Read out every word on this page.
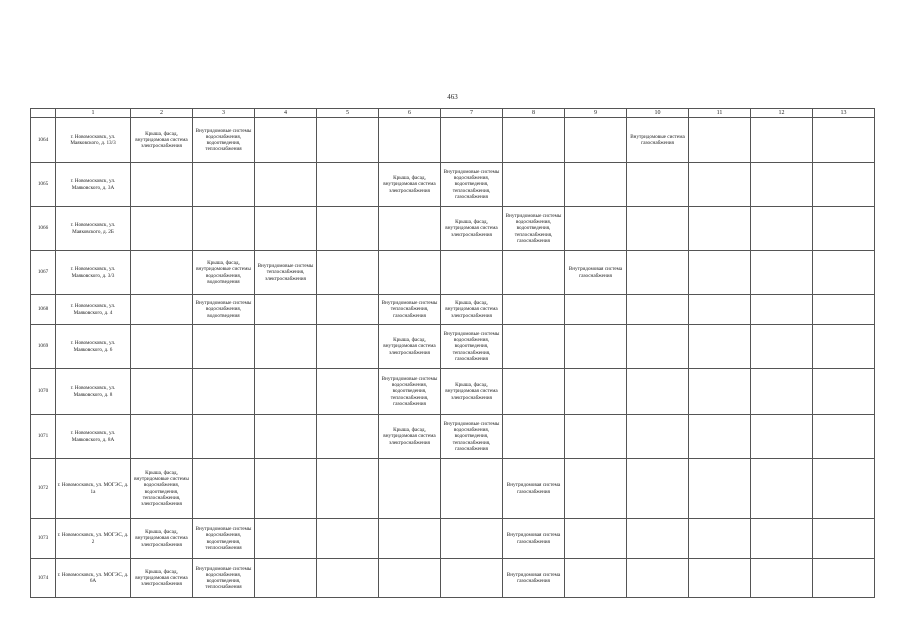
463
	1	2	3	4	5	6	7	8	9	10	11	12	13
1064	г. Новомосковск, ул. Маяковского, д. 13/3	Крыша, фасад, внутридомовая система электроснабжения	Внутридомовые системы водоснабжения, водоотведения, теплоснабжения							Внутридомовые система газоснабжения			
1065	г. Новомосковск, ул. Маяковского, д. 3А					Крыша, фасад, внутридомовая система электроснабжения	Внутридомовые системы водоснабжения, водоотведения, теплоснабжения, газоснабжения						
1066	г. Новомосковск, ул. Маяковского, д. 2Б						Крыша, фасад, внутридомовая система электроснабжения	Внутридомовые системы водоснабжения, водоотведения, теплоснабжения, газоснабжения					
1067	г. Новомосковск, ул. Маяковского, д. 3/3		Крыша, фасад, внутридомовые системы водоснабжения, водоотведения	Внутридомовые системы теплоснабжения, электроснабжения					Внутридомовая система газоснабжения				
1068	г. Новомосковск, ул. Маяковского, д. 4		Внутридомовые системы водоснабжения, водоотведения			Внутридомовые системы теплоснабжения, газоснабжения	Крыша, фасад, внутридомовая система электроснабжения						
1069	г. Новомосковск, ул. Маяковского, д. 6					Крыша, фасад, внутридомовая система электроснабжения	Внутридомовые системы водоснабжения, водоотведения, теплоснабжения, газоснабжения						
1070	г. Новомосковск, ул. Маяковского, д. 8					Внутридомовые системы водоснабжения, водоотведения, теплоснабжения, газоснабжения	Крыша, фасад, внутридомовая система электроснабжения						
1071	г. Новомосковск, ул. Маяковского, д. 8А					Крыша, фасад, внутридомовая система электроснабжения	Внутридомовые системы водоснабжения, водоотведения, теплоснабжения, газоснабжения						
1072	г. Новомосковск, ул. МОГЭС, д. 1а	Крыша, фасад, внутридомовые системы водоснабжения, водоотведения, теплоснабжения, электроснабжения						Внутридомовая система газоснабжения					
1073	г. Новомосковск, ул. МОГЭС, д. 2	Крыша, фасад, внутридомовая система электроснабжения	Внутридомовые системы водоснабжения, водоотведения, теплоснабжения					Внутридомовая система газоснабжения					
1074	г. Новомосковск, ул. МОГЭС, д. 6А	Крыша, фасад, внутридомовая система электроснабжения	Внутридомовые системы водоснабжения, водоотведения, теплоснабжения					Внутридомовая система газоснабжения					
